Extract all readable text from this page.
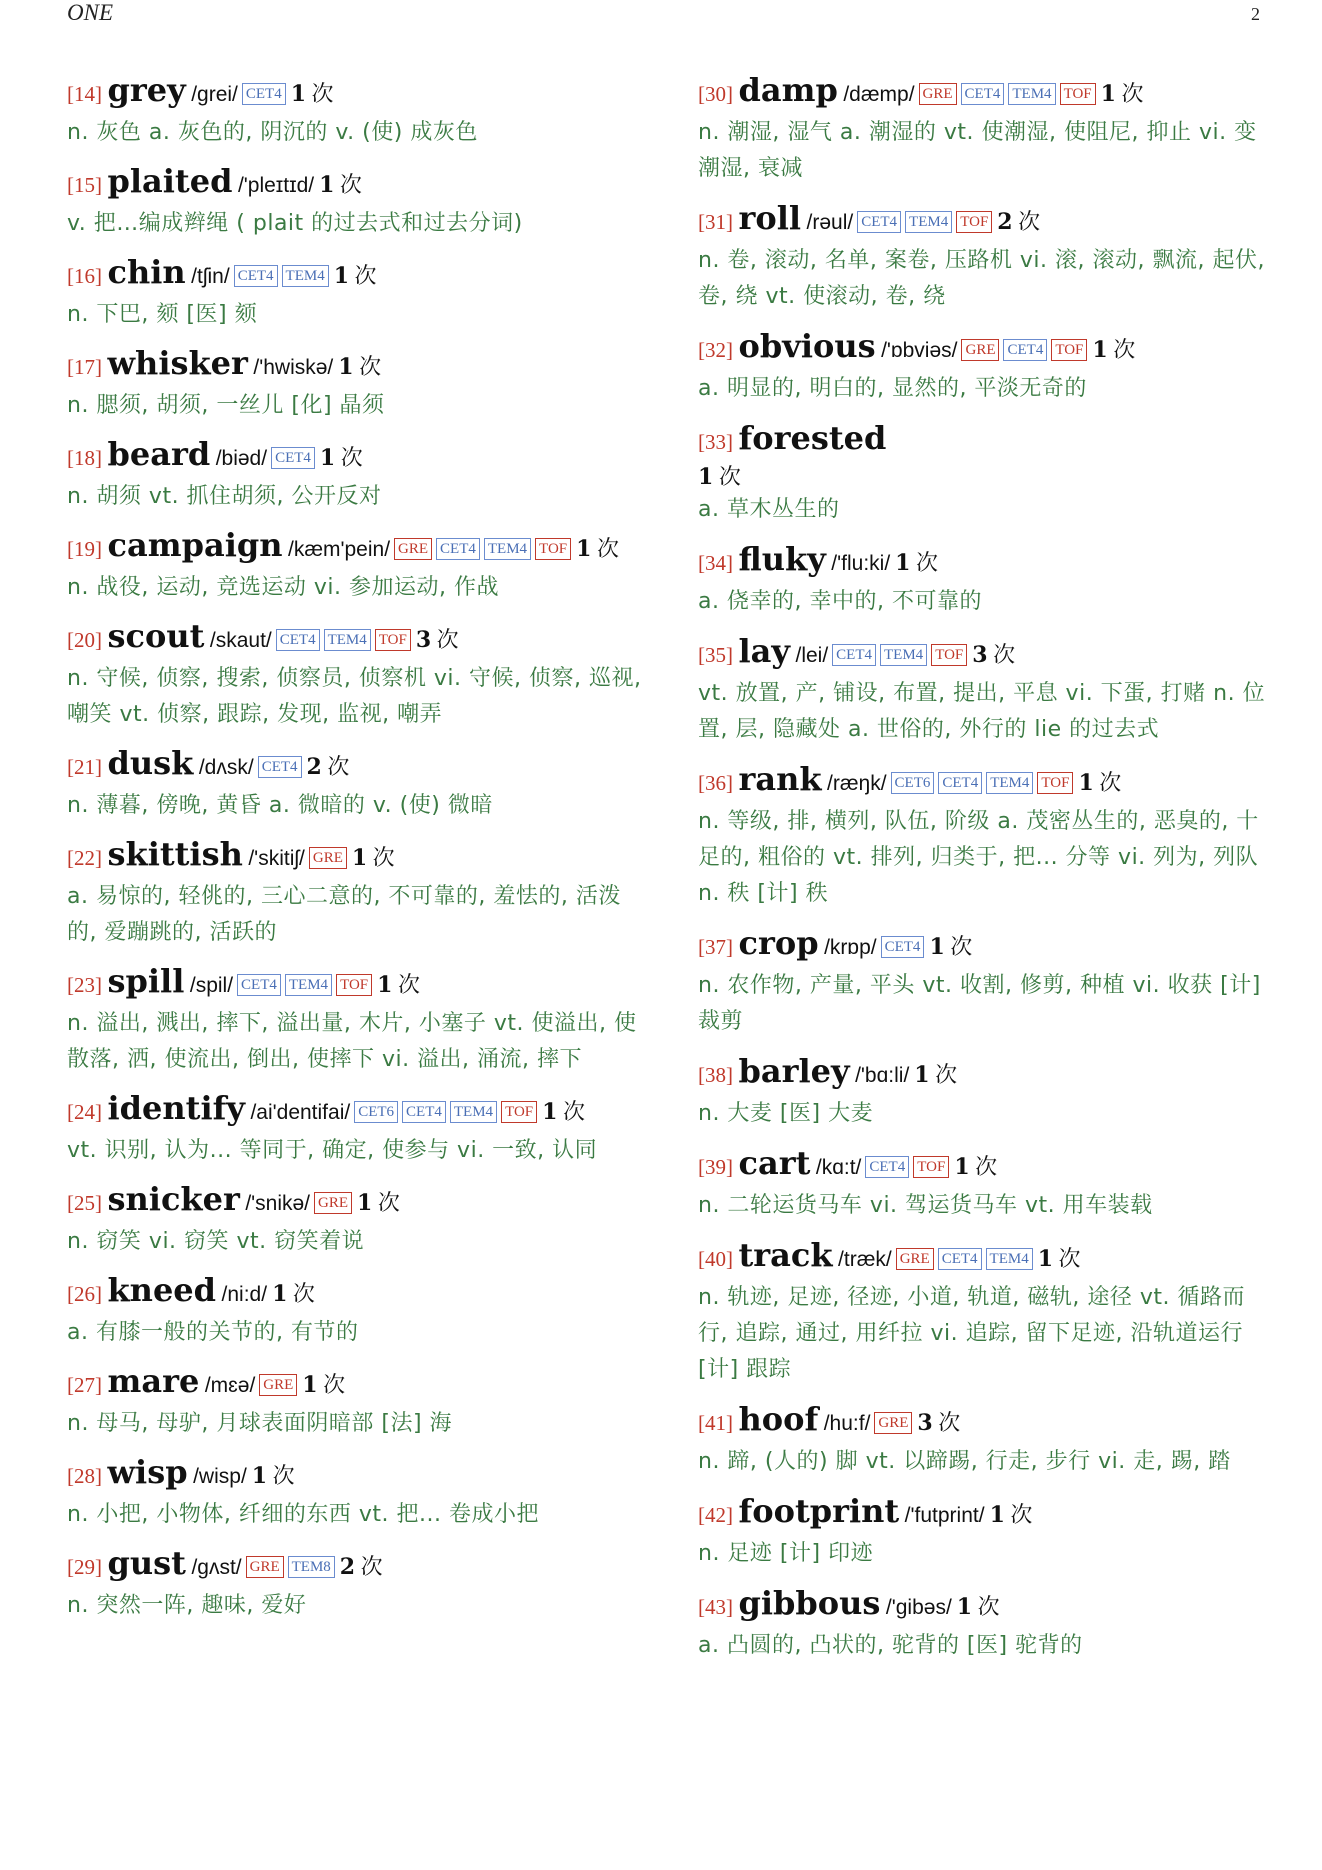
ONE	2
[14] grey /grei/ CET4 1 次
n. 灰色 a. 灰色的, 阴沉的 v. (使) 成灰色
[15] plaited /'pleɪtɪd/ 1 次
v. 把…编成辫绳 ( plait 的过去式和过去分词)
[16] chin /tʃin/ CET4 TEM4 1 次
n. 下巴, 颏 [医] 颏
[17] whisker /'hwiskə/ 1 次
n. 腮须, 胡须, 一丝儿 [化] 晶须
[18] beard /biəd/ CET4 1 次
n. 胡须 vt. 抓住胡须, 公开反对
[19] campaign /kæm'pein/ GRE CET4 TEM4 TOF 1 次
n. 战役, 运动, 竞选运动 vi. 参加运动, 作战
[20] scout /skaut/ CET4 TEM4 TOF 3 次
n. 守候, 侦察, 搜索, 侦察员, 侦察机 vi. 守候, 侦察, 巡视, 嘲笑 vt. 侦察, 跟踪, 发现, 监视, 嘲弄
[21] dusk /dʌsk/ CET4 2 次
n. 薄暮, 傍晚, 黄昏 a. 微暗的 v. (使) 微暗
[22] skittish /'skitiʃ/ GRE 1 次
a. 易惊的, 轻佻的, 三心二意的, 不可靠的, 羞怯的, 活泼的, 爱蹦跳的, 活跃的
[23] spill /spil/ CET4 TEM4 TOF 1 次
n. 溢出, 溅出, 摔下, 溢出量, 木片, 小塞子 vt. 使溢出, 使散落, 洒, 使流出, 倒出, 使摔下 vi. 溢出, 涌流, 摔下
[24] identify /ai'dentifai/ CET6 CET4 TEM4 TOF 1 次
vt. 识别, 认为... 等同于, 确定, 使参与 vi. 一致, 认同
[25] snicker /'snikə/ GRE 1 次
n. 窃笑 vi. 窃笑 vt. 窃笑着说
[26] kneed /ni:d/ 1 次
a. 有膝一般的关节的, 有节的
[27] mare /mɛə/ GRE 1 次
n. 母马, 母驴, 月球表面阴暗部 [法] 海
[28] wisp /wisp/ 1 次
n. 小把, 小物体, 纤细的东西 vt. 把... 卷成小把
[29] gust /gʌst/ GRE TEM8 2 次
n. 突然一阵, 趣味, 爱好
[30] damp /dæmp/ GRE CET4 TEM4 TOF 1 次
n. 潮湿, 湿气 a. 潮湿的 vt. 使潮湿, 使阻尼, 抑止 vi. 变潮湿, 衰减
[31] roll /rəul/ CET4 TEM4 TOF 2 次
n. 卷, 滚动, 名单, 案卷, 压路机 vi. 滚, 滚动, 飘流, 起伏, 卷, 绕 vt. 使滚动, 卷, 绕
[32] obvious /'ɒbviəs/ GRE CET4 TOF 1 次
a. 明显的, 明白的, 显然的, 平淡无奇的
[33] forested
1 次
a. 草木丛生的
[34] fluky /'flu:ki/ 1 次
a. 侥幸的, 幸中的, 不可靠的
[35] lay /lei/ CET4 TEM4 TOF 3 次
vt. 放置, 产, 铺设, 布置, 提出, 平息 vi. 下蛋, 打赌 n. 位置, 层, 隐藏处 a. 世俗的, 外行的 lie 的过去式
[36] rank /ræŋk/ CET6 CET4 TEM4 TOF 1 次
n. 等级, 排, 横列, 队伍, 阶级 a. 茂密丛生的, 恶臭的, 十足的, 粗俗的 vt. 排列, 归类于, 把... 分等 vi. 列为, 列队 n. 秩 [计] 秩
[37] crop /krɒp/ CET4 1 次
n. 农作物, 产量, 平头 vt. 收割, 修剪, 种植 vi. 收获 [计] 裁剪
[38] barley /'bɑ:li/ 1 次
n. 大麦 [医] 大麦
[39] cart /kɑ:t/ CET4 TOF 1 次
n. 二轮运货马车 vi. 驾运货马车 vt. 用车装载
[40] track /træk/ GRE CET4 TEM4 1 次
n. 轨迹, 足迹, 径迹, 小道, 轨道, 磁轨, 途径 vt. 循路而行, 追踪, 通过, 用纤拉 vi. 追踪, 留下足迹, 沿轨道运行 [计] 跟踪
[41] hoof /hu:f/ GRE 3 次
n. 蹄, (人的) 脚 vt. 以蹄踢, 行走, 步行 vi. 走, 踢, 踏
[42] footprint /'futprint/ 1 次
n. 足迹 [计] 印迹
[43] gibbous /'gibəs/ 1 次
a. 凸圆的, 凸状的, 驼背的 [医] 驼背的
